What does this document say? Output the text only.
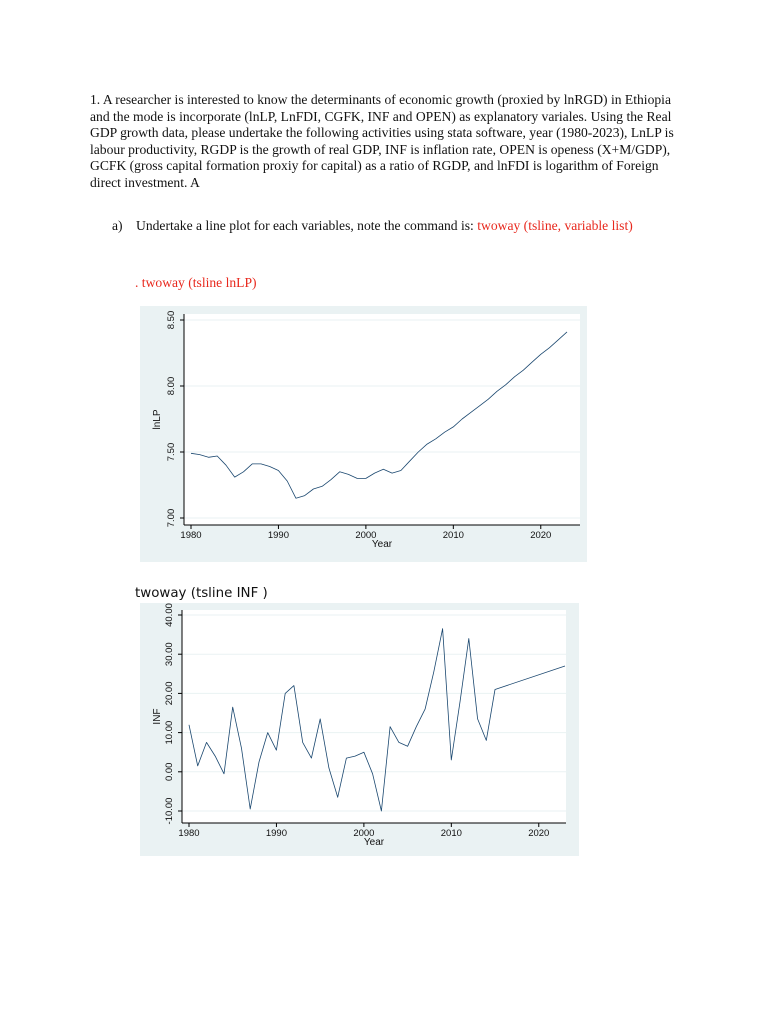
1. A researcher is interested to know the determinants of economic growth (proxied by lnRGD) in Ethiopia

and the mode is incorporate (lnLP, LnFDI, CGFK, INF and OPEN) as explanatory variales. Using the Real GDP growth data, please undertake the following activities using stata software, year (1980-2023), LnLP is labour productivity, RGDP is the growth of real GDP, INF is inflation rate, OPEN is openess (X+M/GDP), GCFK (gross capital formation proxiy for capital) as a ratio of RGDP, and lnFDI is logarithm of Foreign direct investment. A

a) Undertake a line plot for each variables, note the command is: twoway (tsline, variable list)

. twoway (tsline lnLP)

7.00
7.50
8.00
8.50
1980	1990	2000	2010	2020
Year
lnLP

twoway (tsline INF )

-10.00
0.00
10.00
20.00
30.00
40.00
1980	1990	2000	2010	2020
Year
INF
